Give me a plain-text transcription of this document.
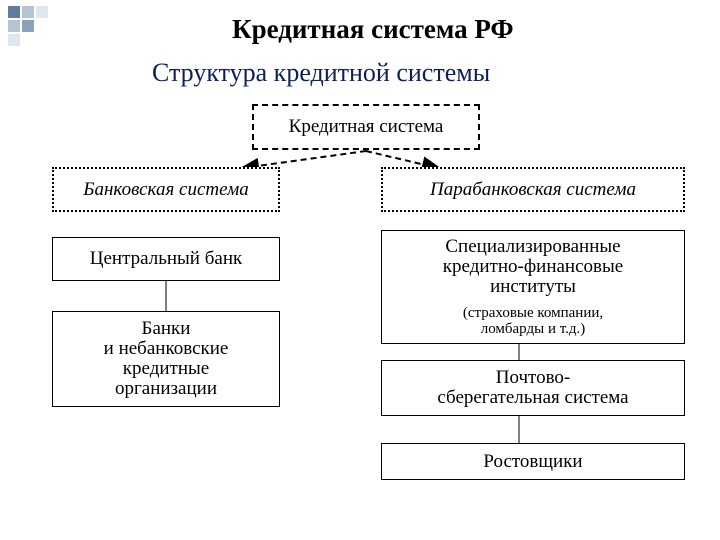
Кредитная система РФ
Структура кредитной системы
Кредитная система
Банковская система	Парабанковская система
Центральный банк
Банки
и небанковские
кредитные
организации
Специализированные
кредитно-финансовые
институты
(страховые компании,
ломбарды и т.д.)
Почтово-
сберегательная система
Ростовщики
